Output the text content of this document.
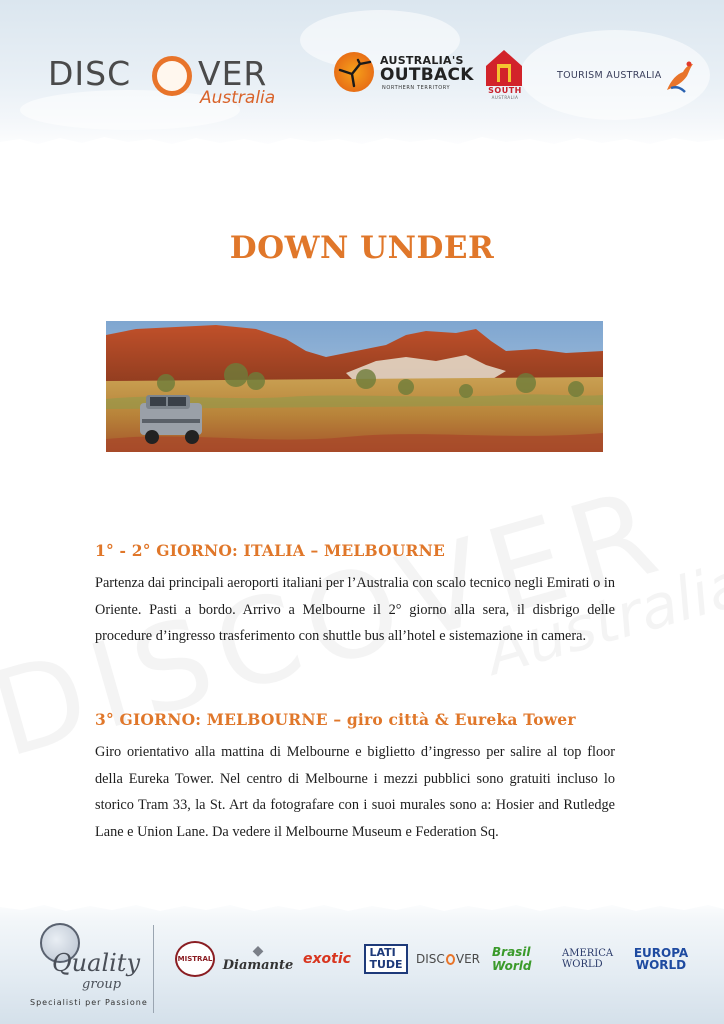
DISC VER
Australia
AUSTRALIA'S
OUTBACK
NORTHERN TERRITORY	SOUTH
AUSTRALIA
TOURISM AUSTRALIA
DOWN UNDER
1° - 2° GIORNO: ITALIA – MELBOURNE

Partenza dai principali aeroporti italiani per l’Australia con scalo tecnico negli Emirati o in Oriente. Pasti a bordo. Arrivo a Melbourne il 2° giorno alla sera, il disbrigo delle procedure d’ingresso trasferimento con shuttle bus all’hotel e sistemazione in camera.

3° GIORNO: MELBOURNE – giro città & Eureka Tower

Giro orientativo alla mattina di Melbourne e biglietto d’ingresso per salire al top floor della Eureka Tower. Nel centro di Melbourne i mezzi pubblici sono gratuiti incluso lo storico Tram 33, la St. Art da fotografare con i suoi murales sono a: Hosier and Rutledge Lane e Union Lane. Da vedere il Melbourne Museum e Federation Sq.

Quality
group
Specialisti per Passione
MISTRAL	◆
Diamante exotic LATI
TUDE DISC VER Brasil World
AMERICA WORLD
EUROPA
WORLD
